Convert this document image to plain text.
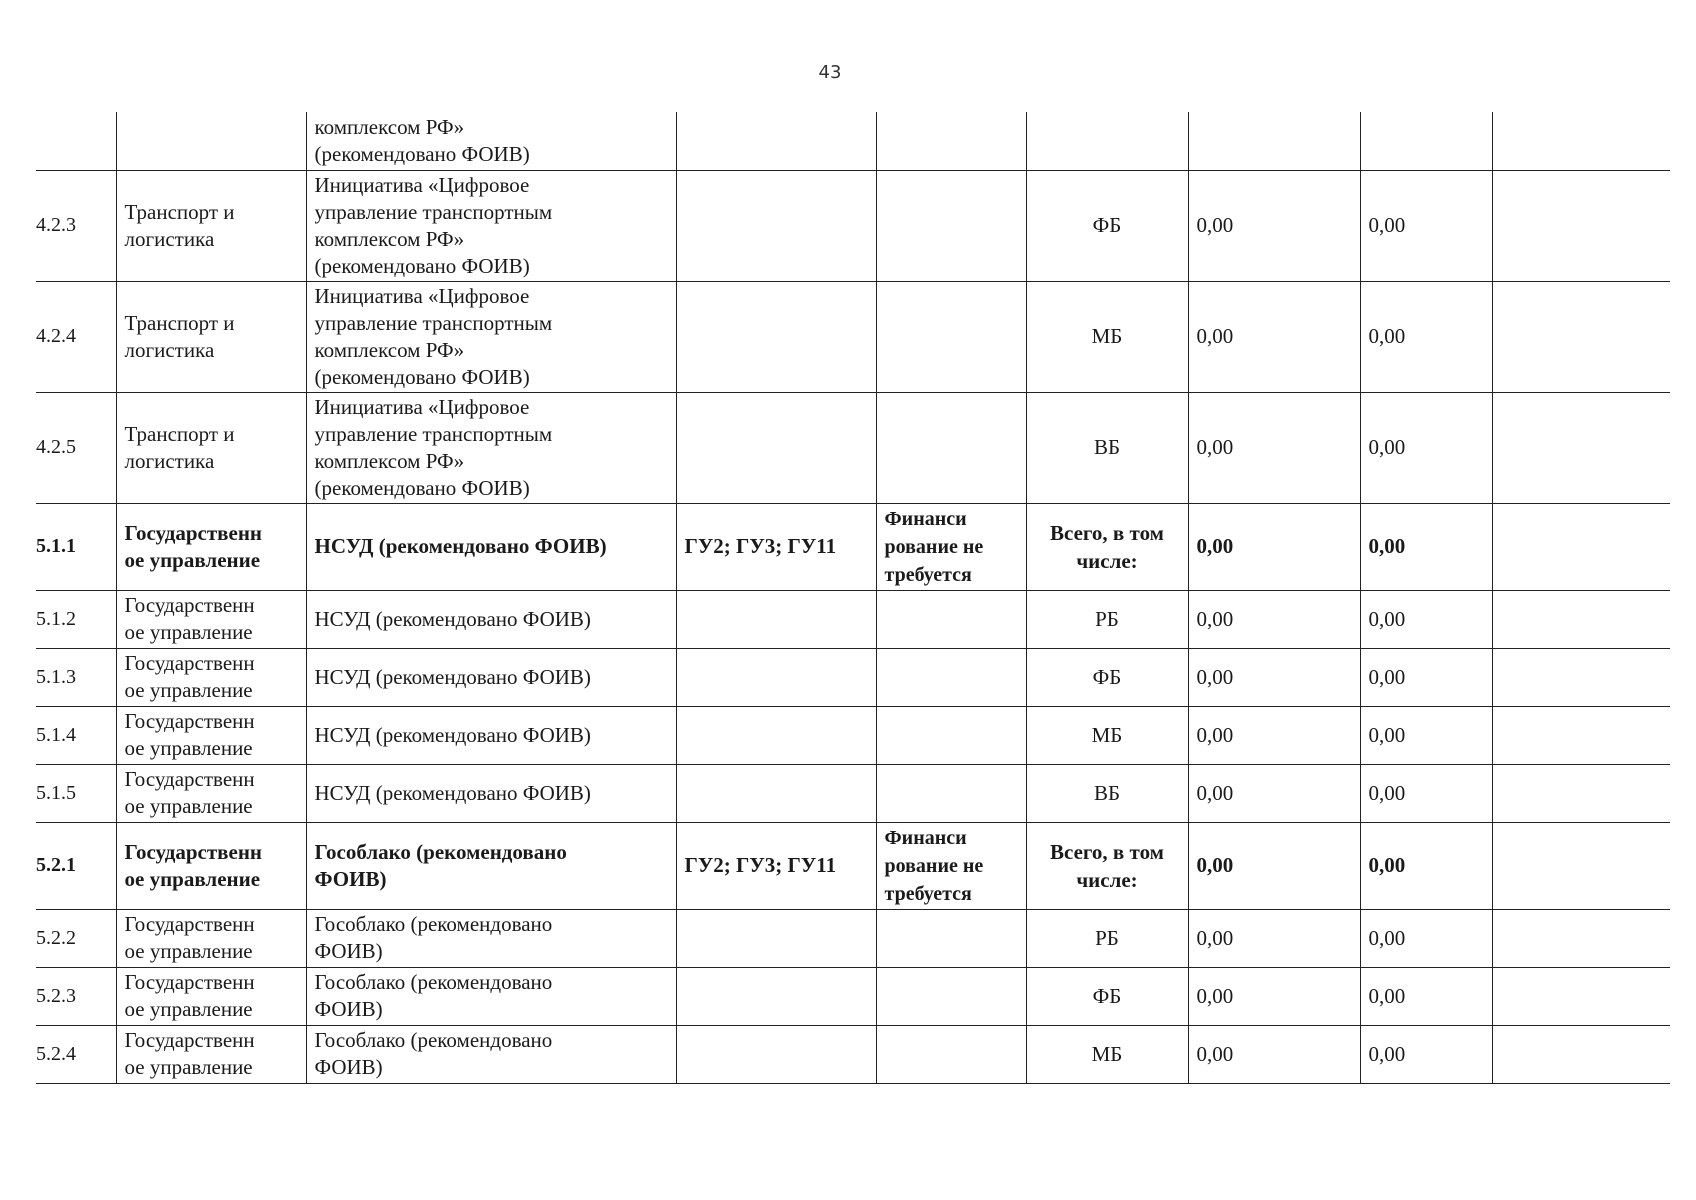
43
		комплексом РФ»
(рекомендовано ФОИВ)						
4.2.3	Транспорт и
логистика	Инициатива «Цифровое
управление транспортным
комплексом РФ»
(рекомендовано ФОИВ)			ФБ	0,00	0,00	
4.2.4	Транспорт и
логистика	Инициатива «Цифровое
управление транспортным
комплексом РФ»
(рекомендовано ФОИВ)			МБ	0,00	0,00	
4.2.5	Транспорт и
логистика	Инициатива «Цифровое
управление транспортным
комплексом РФ»
(рекомендовано ФОИВ)			ВБ	0,00	0,00	
5.1.1	Государственн
ое управление	НСУД (рекомендовано ФОИВ)	ГУ2; ГУ3; ГУ11	Финанси
рование не
требуется	Всего, в том
числе:	0,00	0,00	
5.1.2	Государственн
ое управление	НСУД (рекомендовано ФОИВ)			РБ	0,00	0,00	
5.1.3	Государственн
ое управление	НСУД (рекомендовано ФОИВ)			ФБ	0,00	0,00	
5.1.4	Государственн
ое управление	НСУД (рекомендовано ФОИВ)			МБ	0,00	0,00	
5.1.5	Государственн
ое управление	НСУД (рекомендовано ФОИВ)			ВБ	0,00	0,00	
5.2.1	Государственн
ое управление	Гособлако (рекомендовано
ФОИВ)	ГУ2; ГУ3; ГУ11	Финанси
рование не
требуется	Всего, в том
числе:	0,00	0,00	
5.2.2	Государственн
ое управление	Гособлако (рекомендовано
ФОИВ)			РБ	0,00	0,00	
5.2.3	Государственн
ое управление	Гособлако (рекомендовано
ФОИВ)			ФБ	0,00	0,00	
5.2.4	Государственн
ое управление	Гособлако (рекомендовано
ФОИВ)			МБ	0,00	0,00	
